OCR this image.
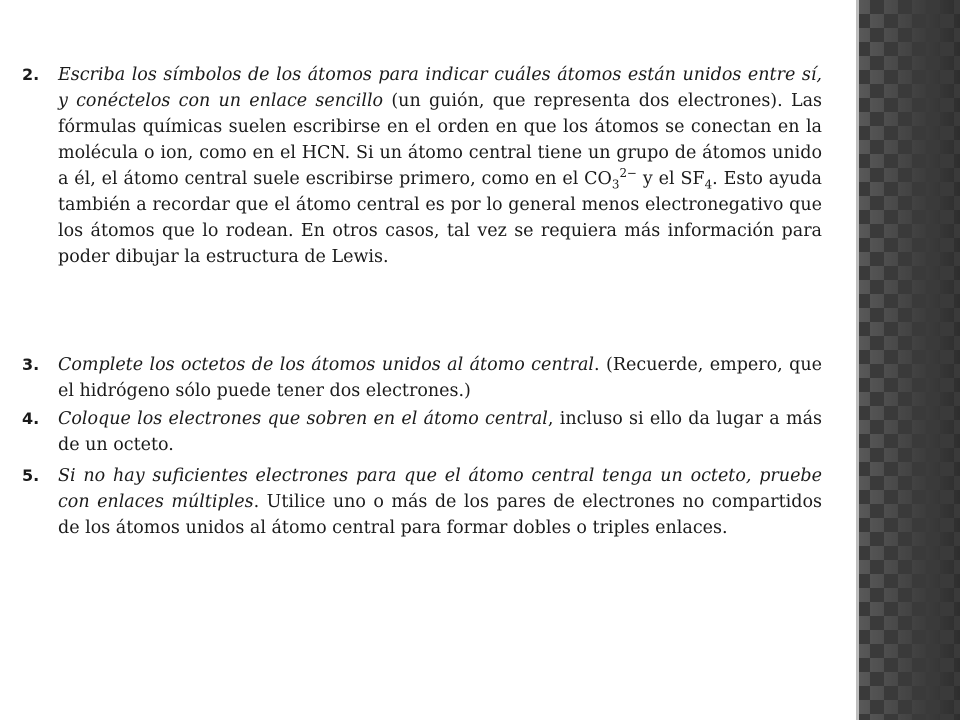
2.	Escriba los símbolos de los átomos para indicar cuáles átomos están unidos entre sí, y conéctelos con un enlace sencillo (un guión, que representa dos electrones). Las fórmulas químicas suelen escribirse en el orden en que los átomos se conectan en la molécula o ion, como en el HCN. Si un átomo central tiene un grupo de átomos unido a él, el átomo central suele escribirse primero, como en el $CO_3^{2-}$ y el $SF_4$. Esto ayuda también a recordar que el átomo central es por lo general menos electronegativo que los átomos que lo rodean. En otros casos, tal vez se requiera más información para poder dibujar la estructura de Lewis.
3.	Complete los octetos de los átomos unidos al átomo central. (Recuerde, empero, que el hidrógeno sólo puede tener dos electrones.)
4.	Coloque los electrones que sobren en el átomo central, incluso si ello da lugar a más de un octeto.
5.	Si no hay suficientes electrones para que el átomo central tenga un octeto, pruebe con enlaces múltiples. Utilice uno o más de los pares de electrones no compartidos de los átomos unidos al átomo central para formar dobles o triples enlaces.
